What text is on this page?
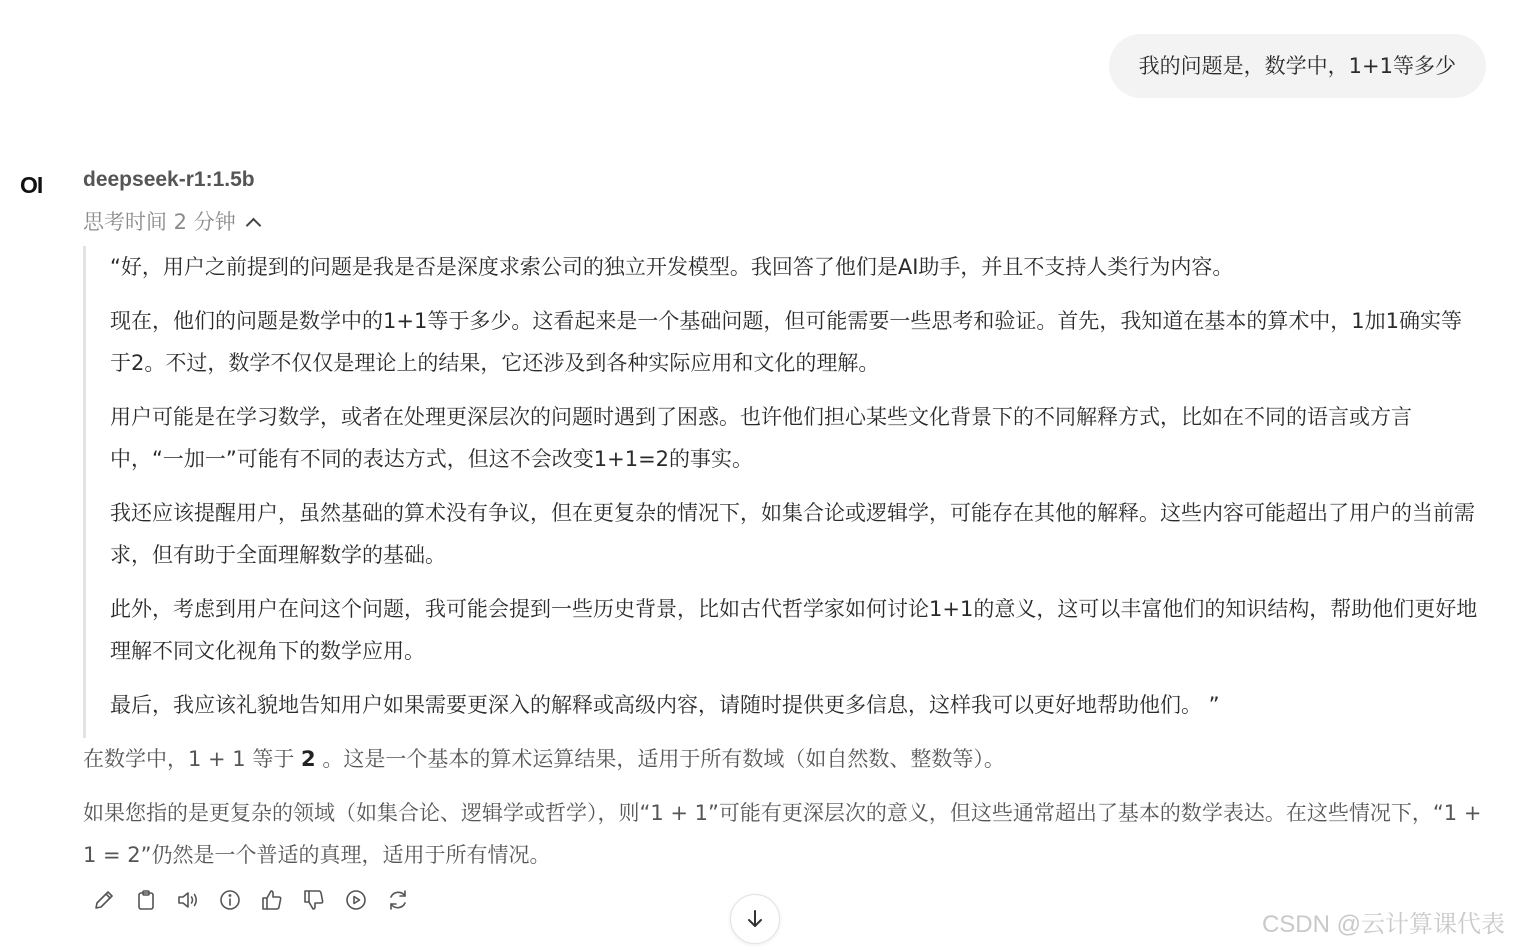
我的问题是，数学中，1+1等多少
OI deepseek-r1:1.5b
思考时间 2 分钟

“好，用户之前提到的问题是我是否是深度求索公司的独立开发模型。我回答了他们是AI助手，并且不支持人类行为内容。

现在，他们的问题是数学中的1+1等于多少。这看起来是一个基础问题，但可能需要一些思考和验证。首先，我知道在基本的算术中，1加1确实等于2。不过，数学不仅仅是理论上的结果，它还涉及到各种实际应用和文化的理解。

用户可能是在学习数学，或者在处理更深层次的问题时遇到了困惑。也许他们担心某些文化背景下的不同解释方式，比如在不同的语言或方言中，“一加一”可能有不同的表达方式，但这不会改变1+1=2的事实。

我还应该提醒用户，虽然基础的算术没有争议，但在更复杂的情况下，如集合论或逻辑学，可能存在其他的解释。这些内容可能超出了用户的当前需求，但有助于全面理解数学的基础。

此外，考虑到用户在问这个问题，我可能会提到一些历史背景，比如古代哲学家如何讨论1+1的意义，这可以丰富他们的知识结构，帮助他们更好地理解不同文化视角下的数学应用。

最后，我应该礼貌地告知用户如果需要更深入的解释或高级内容，请随时提供更多信息，这样我可以更好地帮助他们。 ”

在数学中，1 + 1 等于 2 。这是一个基本的算术运算结果，适用于所有数域（如自然数、整数等）。

如果您指的是更复杂的领域（如集合论、逻辑学或哲学），则“1 + 1”可能有更深层次的意义，但这些通常超出了基本的数学表达。在这些情况下，“1 + 1 = 2”仍然是一个普适的真理，适用于所有情况。

CSDN @云计算课代表
